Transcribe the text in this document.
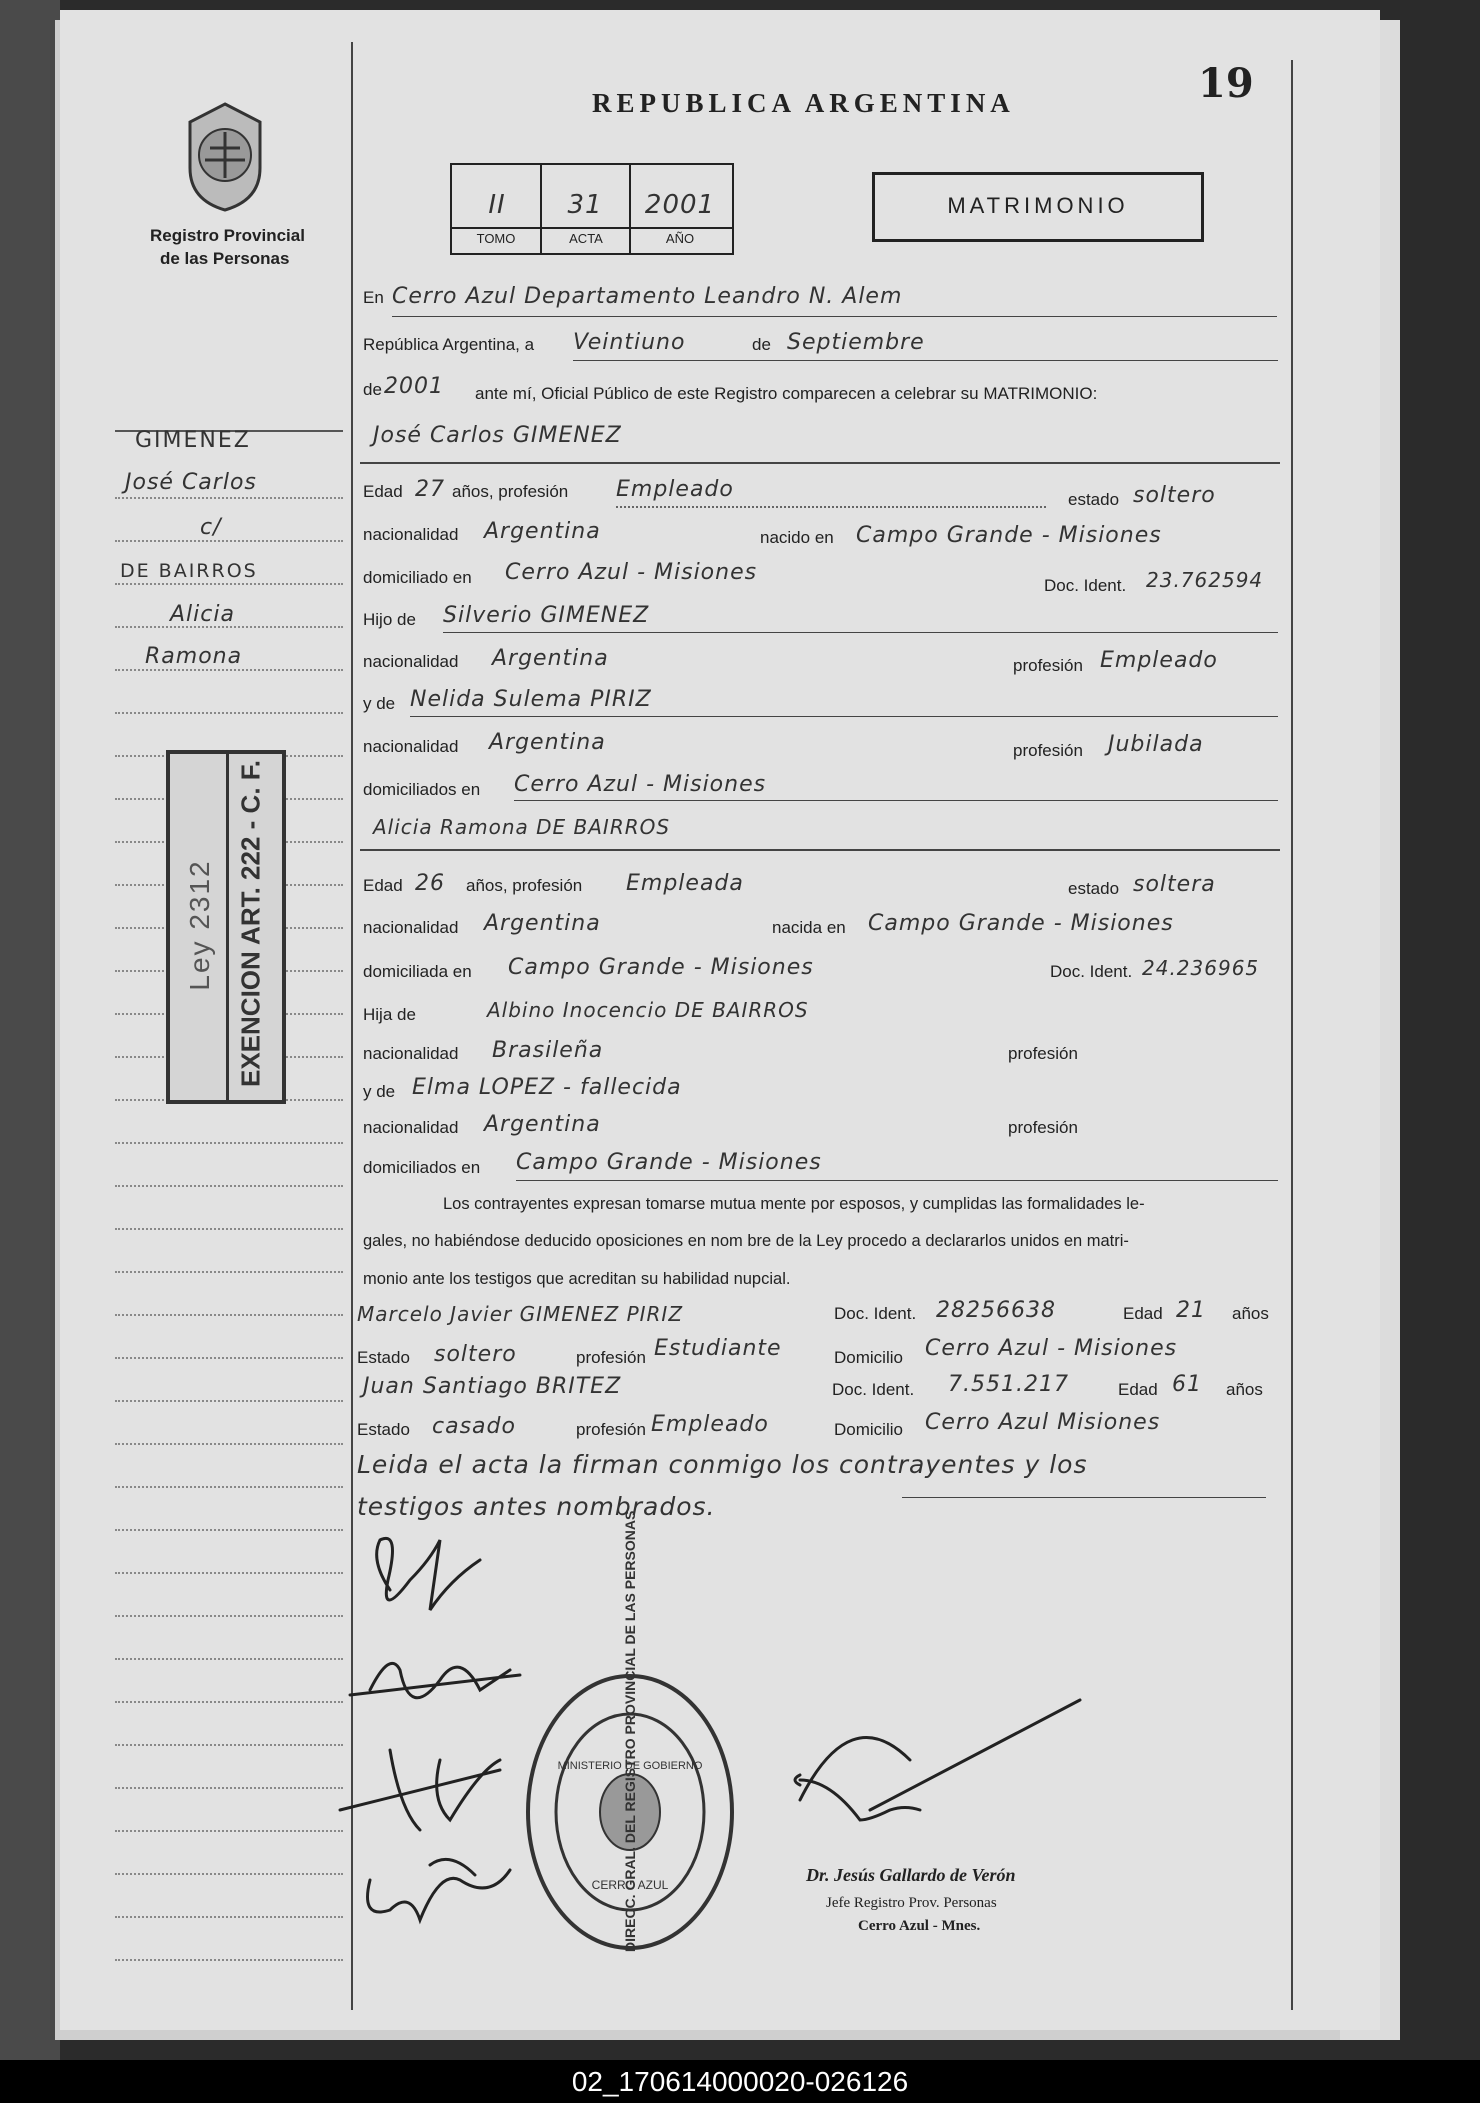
19
REPUBLICA ARGENTINA
Registro Provincial
de las Personas
II	31	2001
TOMO	ACTA	AÑO
MATRIMONIO
GIMENEZ
José Carlos
c/
DE BAIRROS
Alicia
Ramona
Ley 2312 EXENCION ART. 222 - C. F.
En Cerro Azul Departamento Leandro N. Alem
República Argentina, a Veintiuno	de Septiembre
de 2001 ante mí, Oficial Público de este Registro comparecen a celebrar su MATRIMONIO:
José Carlos GIMENEZ
Edad 27 años, profesión Empleado	estado soltero
nacionalidad Argentina	nacido en Campo Grande - Misiones
domiciliado en Cerro Azul - Misiones
Doc. Ident. 23.762594
Hijo de Silverio GIMENEZ
nacionalidad Argentina	profesión Empleado
y de Nelida Sulema PIRIZ
nacionalidad Argentina	profesión Jubilada
domiciliados en Cerro Azul - Misiones
Alicia Ramona DE BAIRROS
Edad 26 años, profesión Empleada	estado soltera
nacionalidad Argentina	nacida en Campo Grande - Misiones
domiciliada en Campo Grande - Misiones	Doc. Ident. 24.236965
Hija de	Albino Inocencio DE BAIRROS
nacionalidad Brasileña	profesión
y de Elma LOPEZ - fallecida
nacionalidad Argentina	profesión
domiciliados en Campo Grande - Misiones
Los contrayentes expresan tomarse mutua mente por esposos, y cumplidas las formalidades le-
gales, no habiéndose deducido oposiciones en nom bre de la Ley procedo a declararlos unidos en matri-
monio ante los testigos que acreditan su habilidad nupcial.
Marcelo Javier GIMENEZ PIRIZ	Doc. Ident. 28256638	Edad 21 años
Estado soltero	profesión Estudiante	Domicilio Cerro Azul - Misiones
Juan Santiago BRITEZ	Doc. Ident. 7.551.217	Edad 61 años
Estado casado	profesión Empleado	Domicilio Cerro Azul Misiones
Leida el acta la firman conmigo los contrayentes y los
testigos antes nombrados.
DIRECC. GRAL. DEL REGISTRO PROVINCIAL DE LAS PERSONAS
MINISTERIO DE GOBIERNO
CERRO AZUL	Dr. Jesús Gallardo de Verón
Jefe Registro Prov. Personas
Cerro Azul - Mnes.
02_170614000020-026126
